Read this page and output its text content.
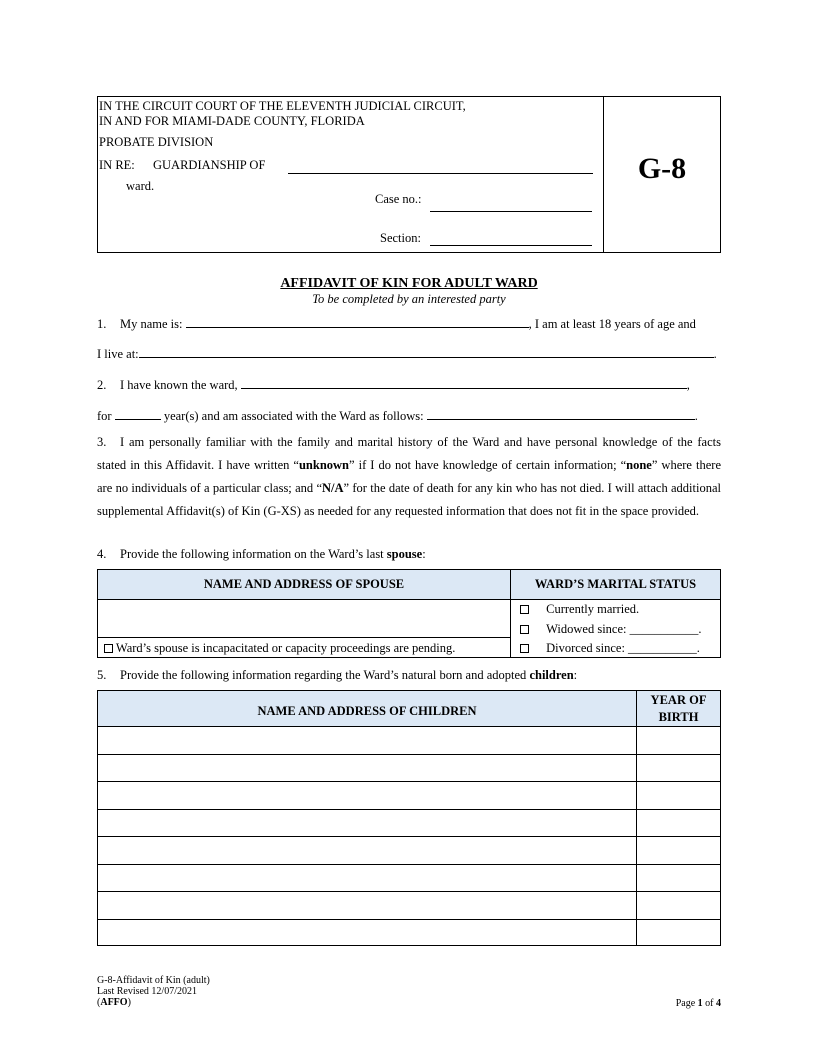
IN THE CIRCUIT COURT OF THE ELEVENTH JUDICIAL CIRCUIT,
IN AND FOR MIAMI-DADE COUNTY, FLORIDA
PROBATE DIVISION
IN RE: GUARDIANSHIP OF
ward.
Case no.:
Section:
G-8
AFFIDAVIT OF KIN FOR ADULT WARD
To be completed by an interested party
1. My name is:	, I am at least 18 years of age and
I live at:	.
2. I have known the ward,	,
for	year(s) and am associated with the Ward as follows:	.
3. I am personally familiar with the family and marital history of the Ward and have personal knowledge of the facts stated in this Affidavit. I have written “unknown” if I do not have knowledge of certain information; “none” where there are no individuals of a particular class; and “N/A” for the date of death for any kin who has not died. I will attach additional supplemental Affidavit(s) of Kin (G-XS) as needed for any requested information that does not fit in the space provided.
4. Provide the following information on the Ward’s last spouse:
NAME AND ADDRESS OF SPOUSE	WARD’S MARITAL STATUS
Ward’s spouse is incapacitated or capacity proceedings are pending.
Currently married.
Widowed since: ___________.
Divorced since: ___________.
5. Provide the following information regarding the Ward’s natural born and adopted children:
NAME AND ADDRESS OF CHILDREN
YEAR OF
BIRTH
G-8-Affidavit of Kin (adult)
Last Revised 12/07/2021
(AFFO)	Page 1 of 4
